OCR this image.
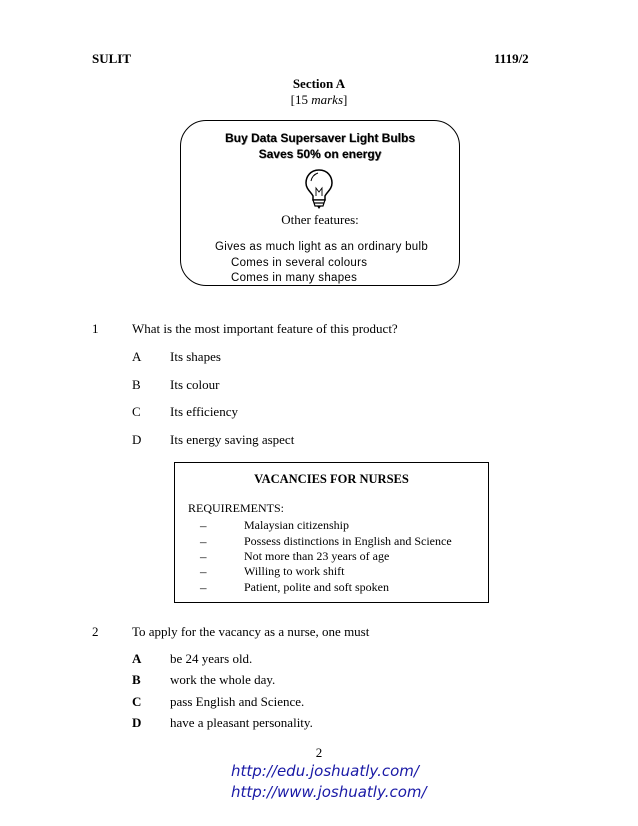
SULIT	1119/2
Section A
[15 marks]
Buy Data Supersaver Light Bulbs
Saves 50% on energy
Other features:
Gives as much light as an ordinary bulb
Comes in several colours
Comes in many shapes
1	What is the most important feature of this product?
A Its shapes
B Its colour
C Its efficiency
D Its energy saving aspect
VACANCIES FOR NURSES
REQUIREMENTS:
–	Malaysian citizenship
–	Possess distinctions in English and Science
–	Not more than 23 years of age
–	Willing to work shift
–	Patient, polite and soft spoken
2	To apply for the vacancy as a nurse, one must
A be 24 years old.
B work the whole day.
C pass English and Science.
D have a pleasant personality.
2
http://edu.joshuatly.com/
http://www.joshuatly.com/
